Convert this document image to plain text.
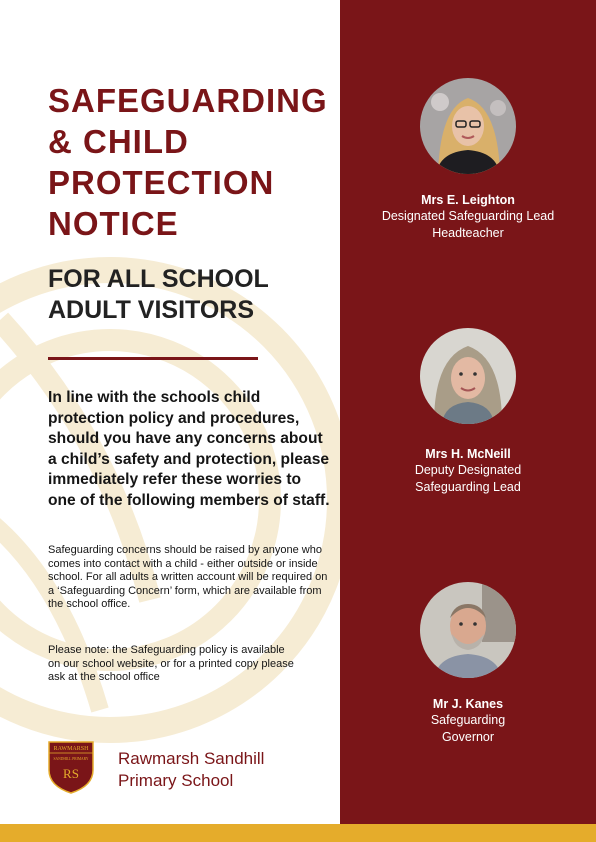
SAFEGUARDING
& CHILD
PROTECTION
NOTICE
FOR ALL SCHOOL
ADULT VISITORS

In line with the schools child protection policy and procedures, should you have any concerns about a child’s safety and protection, please immediately refer these worries to one of the following members of staff.

Safeguarding concerns should be raised by anyone who comes into contact with a child - either outside or inside school. For all adults a written account will be required on a ‘Safeguarding Concern’ form, which are available from the school office.

Please note: the Safeguarding policy is available on our school website, or for a printed copy please ask at the school office

RAWMARSH
SANDHILL PRIMARY
RS
Rawmarsh Sandhill
Primary School
Mrs E. Leighton
Designated Safeguarding Lead
Headteacher
Mrs H. McNeill
Deputy Designated
Safeguarding Lead
Mr J. Kanes
Safeguarding
Governor
